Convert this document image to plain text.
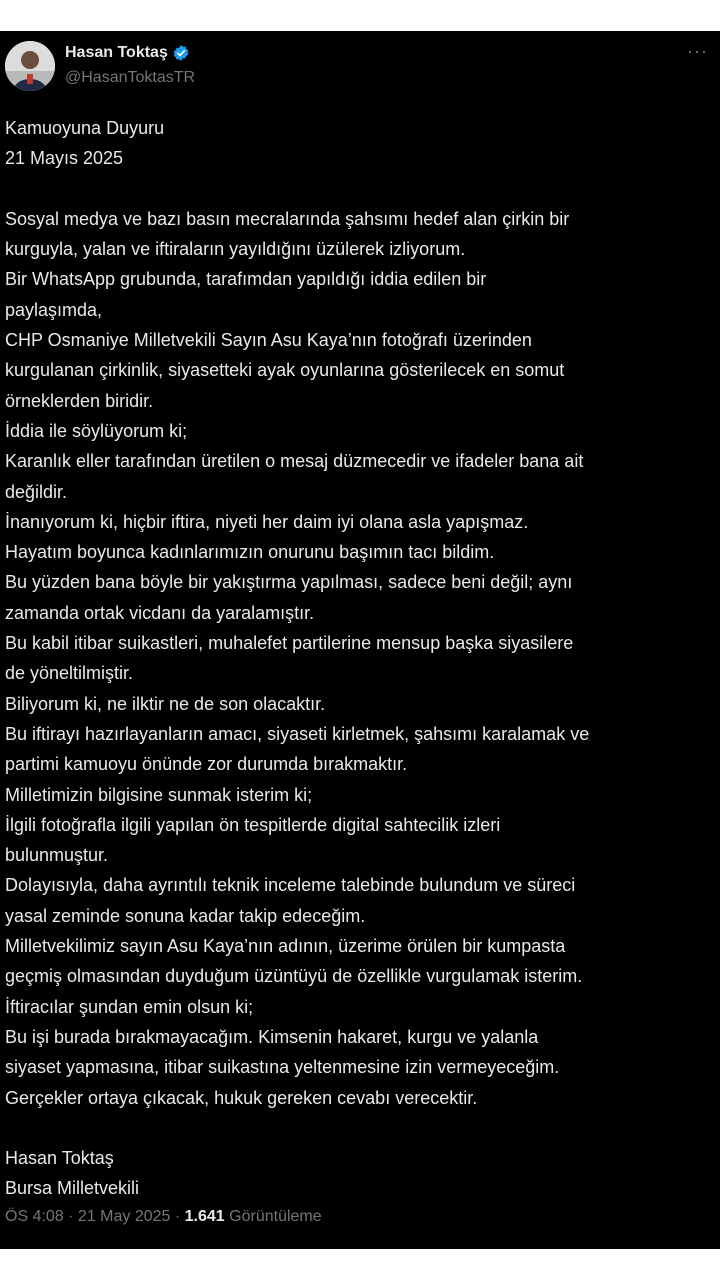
Hasan Toktaş
@HasanToktasTR
···
Kamuoyuna Duyuru
21 Mayıs 2025
Sosyal medya ve bazı basın mecralarında şahsımı hedef alan çirkin bir
kurguyla, yalan ve iftiraların yayıldığını üzülerek izliyorum.
Bir WhatsApp grubunda, tarafımdan yapıldığı iddia edilen bir
paylaşımda,
CHP Osmaniye Milletvekili Sayın Asu Kaya’nın fotoğrafı üzerinden
kurgulanan çirkinlik, siyasetteki ayak oyunlarına gösterilecek en somut
örneklerden biridir.
İddia ile söylüyorum ki;
Karanlık eller tarafından üretilen o mesaj düzmecedir ve ifadeler bana ait
değildir.
İnanıyorum ki, hiçbir iftira, niyeti her daim iyi olana asla yapışmaz.
Hayatım boyunca kadınlarımızın onurunu başımın tacı bildim.
Bu yüzden bana böyle bir yakıştırma yapılması, sadece beni değil; aynı
zamanda ortak vicdanı da yaralamıştır.
Bu kabil itibar suikastleri, muhalefet partilerine mensup başka siyasilere
de yöneltilmiştir.
Biliyorum ki, ne ilktir ne de son olacaktır.
Bu iftirayı hazırlayanların amacı, siyaseti kirletmek, şahsımı karalamak ve
partimi kamuoyu önünde zor durumda bırakmaktır.
Milletimizin bilgisine sunmak isterim ki;
İlgili fotoğrafla ilgili yapılan ön tespitlerde digital sahtecilik izleri
bulunmuştur.
Dolayısıyla, daha ayrıntılı teknik inceleme talebinde bulundum ve süreci
yasal zeminde sonuna kadar takip edeceğim.
Milletvekilimiz sayın Asu Kaya’nın adının, üzerime örülen bir kumpasta
geçmiş olmasından duyduğum üzüntüyü de özellikle vurgulamak isterim.
İftiracılar şundan emin olsun ki;
Bu işi burada bırakmayacağım. Kimsenin hakaret, kurgu ve yalanla
siyaset yapmasına, itibar suikastına yeltenmesine izin vermeyeceğim.
Gerçekler ortaya çıkacak, hukuk gereken cevabı verecektir.
Hasan Toktaş
Bursa Milletvekili
ÖS 4:08 · 21 May 2025 · 1.641 Görüntüleme
